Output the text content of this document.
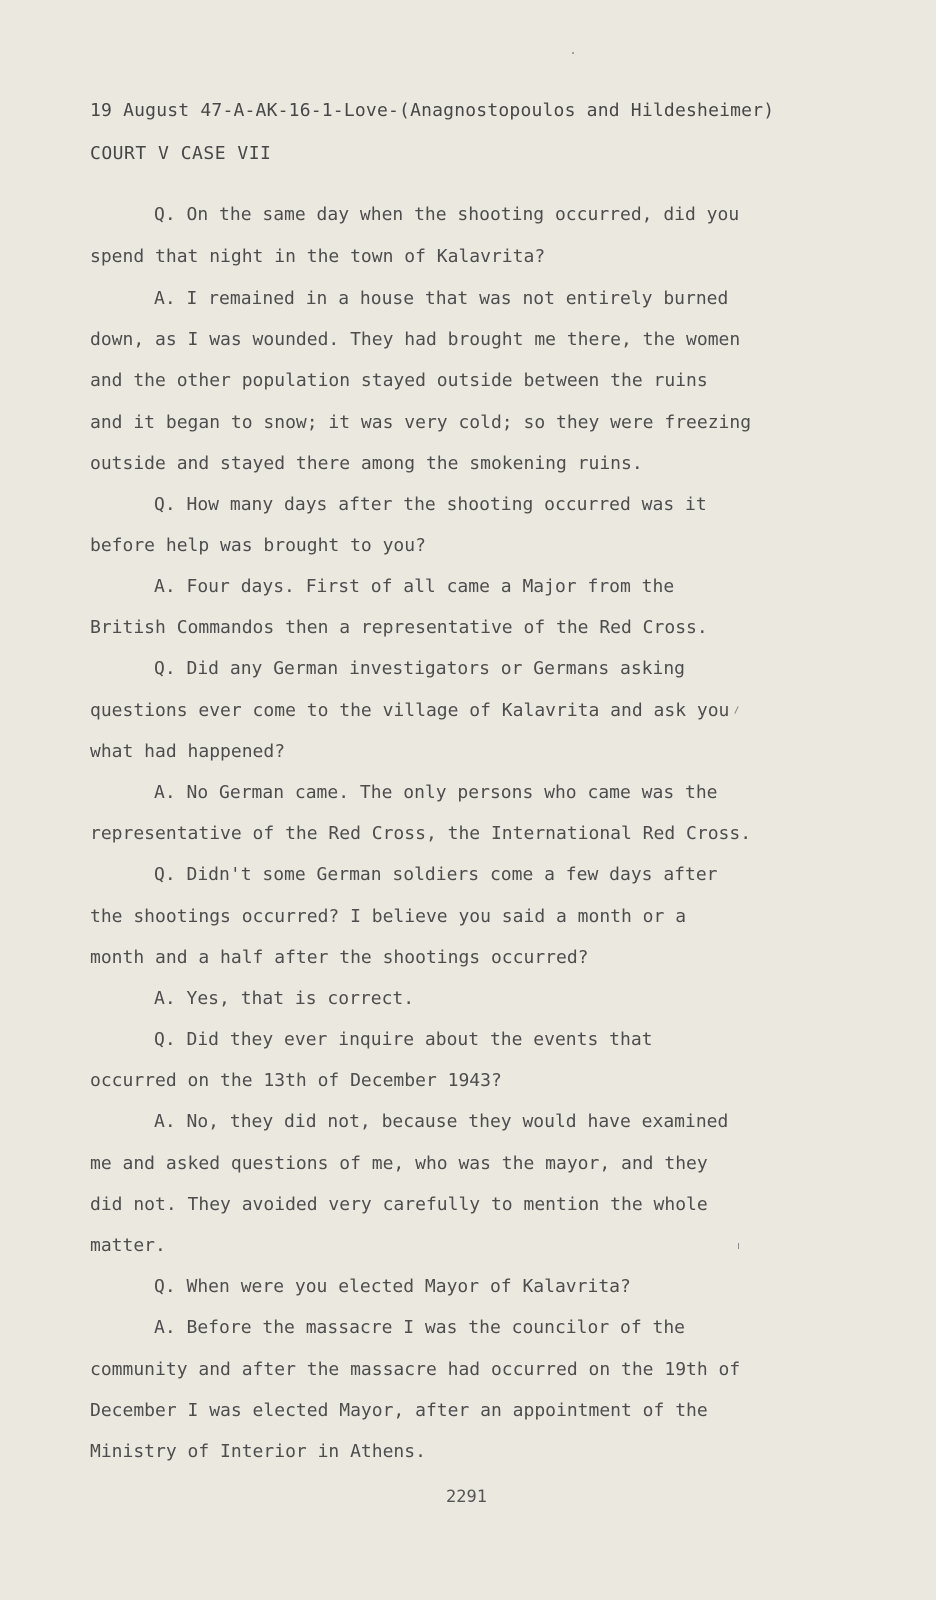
19 August 47-A-AK-16-1-Love-(Anagnostopoulos and Hildesheimer)
COURT V CASE VII
Q. On the same day when the shooting occurred, did you
spend that night in the town of Kalavrita?
A. I remained in a house that was not entirely burned
down, as I was wounded. They had brought me there, the women
and the other population stayed outside between the ruins
and it began to snow; it was very cold; so they were freezing
outside and stayed there among the smokening ruins.
Q. How many days after the shooting occurred was it
before help was brought to you?
A. Four days. First of all came a Major from the
British Commandos then a representative of the Red Cross.
Q. Did any German investigators or Germans asking
questions ever come to the village of Kalavrita and ask you
what had happened?
A. No German came. The only persons who came was the
representative of the Red Cross, the International Red Cross.
Q. Didn't some German soldiers come a few days after
the shootings occurred? I believe you said a month or a
month and a half after the shootings occurred?
A. Yes, that is correct.
Q. Did they ever inquire about the events that
occurred on the 13th of December 1943?
A. No, they did not, because they would have examined
me and asked questions of me, who was the mayor, and they
did not. They avoided very carefully to mention the whole
matter.
Q. When were you elected Mayor of Kalavrita?
A. Before the massacre I was the councilor of the
community and after the massacre had occurred on the 19th of
December I was elected Mayor, after an appointment of the
Ministry of Interior in Athens.
2291
